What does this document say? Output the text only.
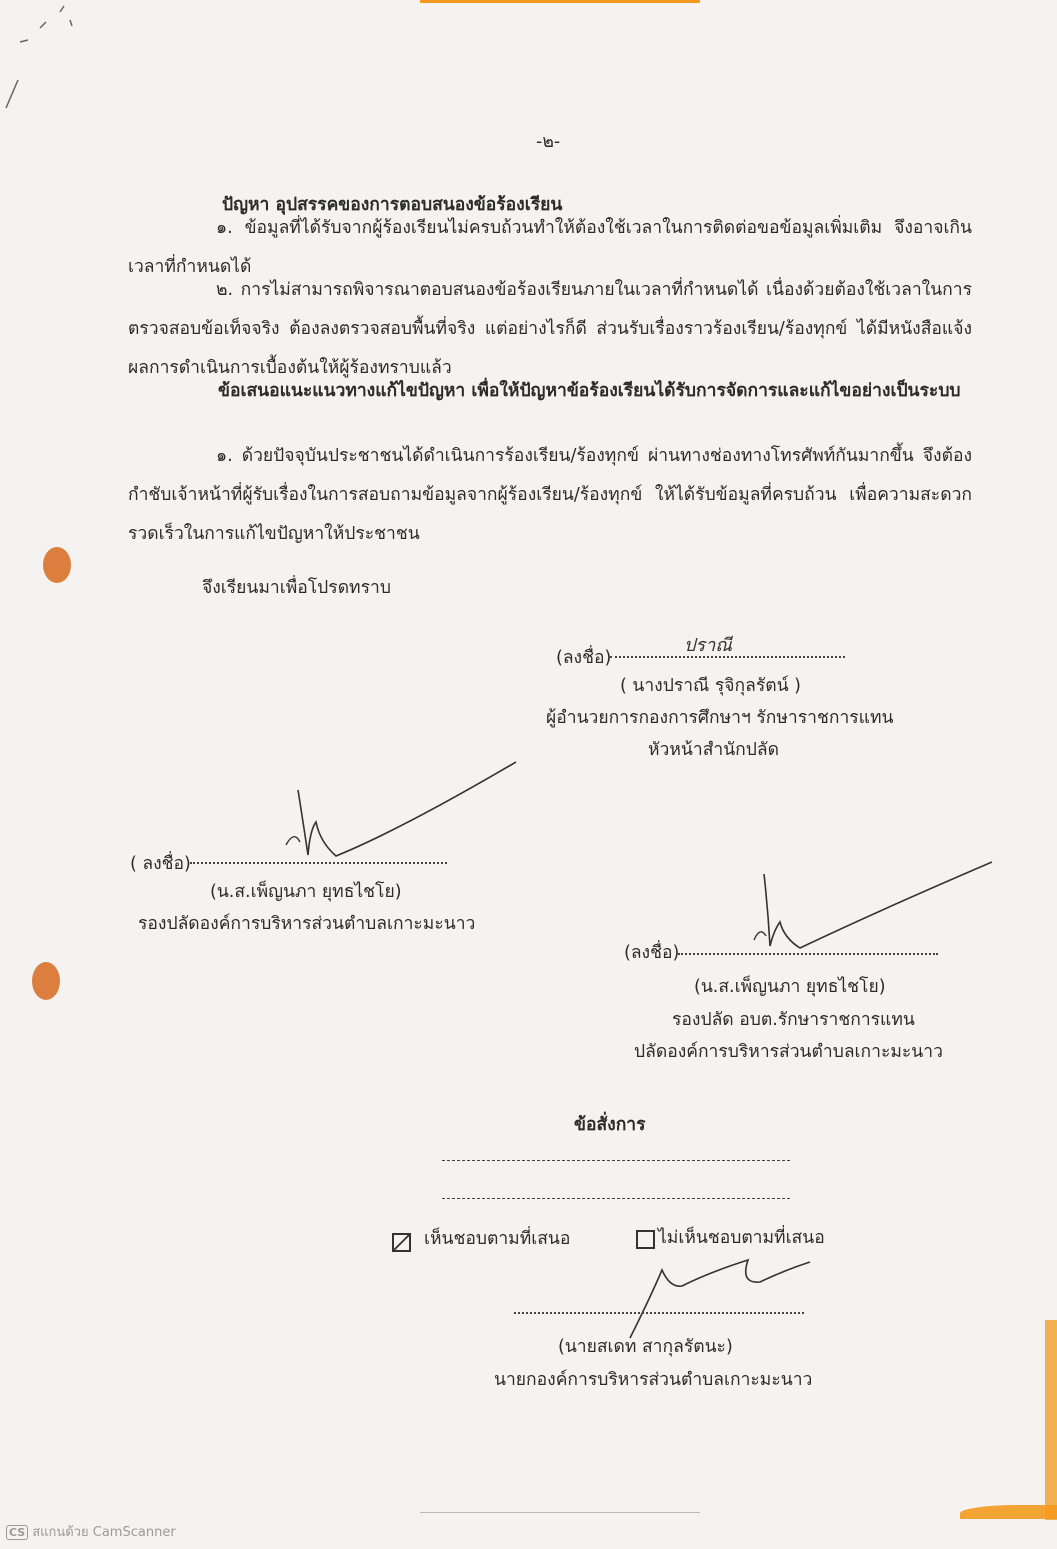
-๒-
ปัญหา อุปสรรคของการตอบสนองข้อร้องเรียน
๑. ข้อมูลที่ได้รับจากผู้ร้องเรียนไม่ครบถ้วนทำให้ต้องใช้เวลาในการติดต่อขอข้อมูลเพิ่มเติม จึงอาจเกินเวลาที่กำหนดได้
๒. การไม่สามารถพิจารณาตอบสนองข้อร้องเรียนภายในเวลาที่กำหนดได้ เนื่องด้วยต้องใช้เวลาในการตรวจสอบข้อเท็จจริง ต้องลงตรวจสอบพื้นที่จริง แต่อย่างไรก็ดี ส่วนรับเรื่องราวร้องเรียน/ร้องทุกข์ ได้มีหนังสือแจ้งผลการดำเนินการเบื้องต้นให้ผู้ร้องทราบแล้ว
ข้อเสนอแนะแนวทางแก้ไขปัญหา เพื่อให้ปัญหาข้อร้องเรียนได้รับการจัดการและแก้ไขอย่างเป็นระบบ
๑. ด้วยปัจจุบันประชาชนได้ดำเนินการร้องเรียน/ร้องทุกข์ ผ่านทางช่องทางโทรศัพท์กันมากขึ้น จึงต้องกำชับเจ้าหน้าที่ผู้รับเรื่องในการสอบถามข้อมูลจากผู้ร้องเรียน/ร้องทุกข์ ให้ได้รับข้อมูลที่ครบถ้วน เพื่อความสะดวกรวดเร็วในการแก้ไขปัญหาให้ประชาชน
จึงเรียนมาเพื่อโปรดทราบ
(ลงชื่อ)
ปราณี
( นางปราณี รุจิกุลรัตน์ )
ผู้อำนวยการกองการศึกษาฯ รักษาราชการแทน
หัวหน้าสำนักปลัด
( ลงชื่อ)
(น.ส.เพ็ญนภา ยุทธไชโย)
รองปลัดองค์การบริหารส่วนตำบลเกาะมะนาว
(ลงชื่อ)
(น.ส.เพ็ญนภา ยุทธไชโย)
รองปลัด อบต.รักษาราชการแทน
ปลัดองค์การบริหารส่วนตำบลเกาะมะนาว
ข้อสั่งการ
เห็นชอบตามที่เสนอ	ไม่เห็นชอบตามที่เสนอ
(นายสเดท สากุลรัตนะ)
นายกองค์การบริหารส่วนตำบลเกาะมะนาว
CS สแกนด้วย CamScanner
